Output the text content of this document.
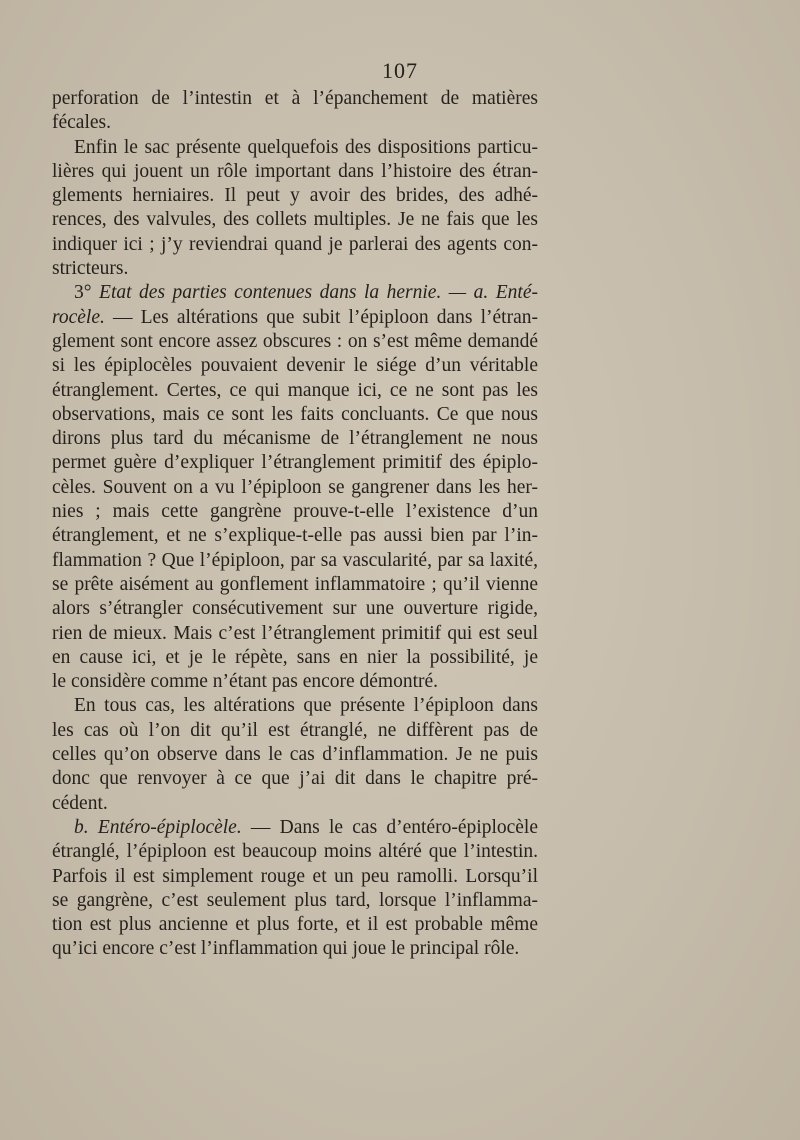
107
perforation de l’intestin et à l’épanchement de matières
fécales.
Enfin le sac présente quelquefois des dispositions particu-
lières qui jouent un rôle important dans l’histoire des étran-
glements herniaires. Il peut y avoir des brides, des adhé-
rences, des valvules, des collets multiples. Je ne fais que les
indiquer ici ; j’y reviendrai quand je parlerai des agents con-
stricteurs.
3° Etat des parties contenues dans la hernie. — a. Enté-
rocèle. — Les altérations que subit l’épiploon dans l’étran-
glement sont encore assez obscures : on s’est même demandé
si les épiplocèles pouvaient devenir le siége d’un véritable
étranglement. Certes, ce qui manque ici, ce ne sont pas les
observations, mais ce sont les faits concluants. Ce que nous
dirons plus tard du mécanisme de l’étranglement ne nous
permet guère d’expliquer l’étranglement primitif des épiplo-
cèles. Souvent on a vu l’épiploon se gangrener dans les her-
nies ; mais cette gangrène prouve-t-elle l’existence d’un
étranglement, et ne s’explique-t-elle pas aussi bien par l’in-
flammation ? Que l’épiploon, par sa vascularité, par sa laxité,
se prête aisément au gonflement inflammatoire ; qu’il vienne
alors s’étrangler consécutivement sur une ouverture rigide,
rien de mieux. Mais c’est l’étranglement primitif qui est seul
en cause ici, et je le répète, sans en nier la possibilité, je
le considère comme n’étant pas encore démontré.
En tous cas, les altérations que présente l’épiploon dans
les cas où l’on dit qu’il est étranglé, ne diffèrent pas de
celles qu’on observe dans le cas d’inflammation. Je ne puis
donc que renvoyer à ce que j’ai dit dans le chapitre pré-
cédent.
b. Entéro-épiplocèle. — Dans le cas d’entéro-épiplocèle
étranglé, l’épiploon est beaucoup moins altéré que l’intestin.
Parfois il est simplement rouge et un peu ramolli. Lorsqu’il
se gangrène, c’est seulement plus tard, lorsque l’inflamma-
tion est plus ancienne et plus forte, et il est probable même
qu’ici encore c’est l’inflammation qui joue le principal rôle.
